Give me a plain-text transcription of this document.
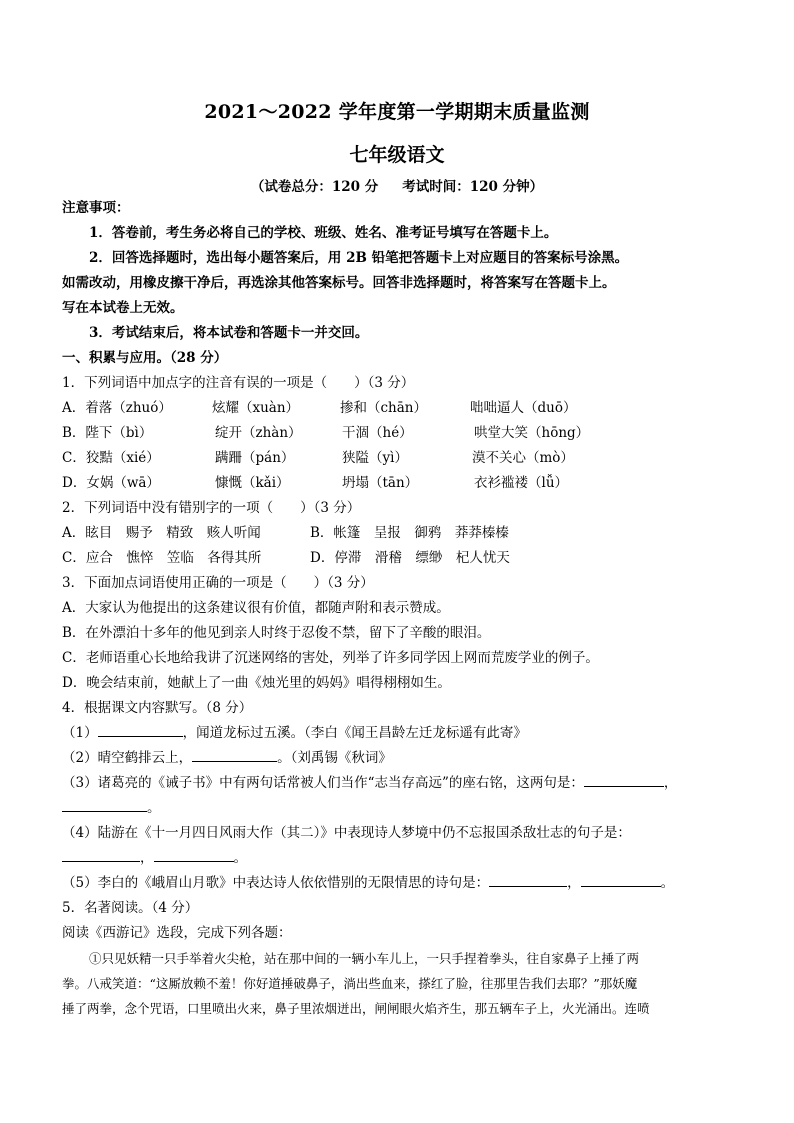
2021～2022 学年度第一学期期末质量监测
七年级语文
（试卷总分：120 分 考试时间：120 分钟）
注意事项：
1．答卷前，考生务必将自己的学校、班级、姓名、准考证号填写在答题卡上。
2．回答选择题时，选出每小题答案后，用 2B 铅笔把答题卡上对应题目的答案标号涂黑。
如需改动，用橡皮擦干净后，再选涂其他答案标号。回答非选择题时，将答案写在答题卡上。
写在本试卷上无效。
3．考试结束后，将本试卷和答题卡一并交回。
一、积累与应用。（28 分）
1．下列词语中加点字的注音有误的一项是（　　）（3 分）
A．着落（zhuó）	炫耀（xuàn）	掺和（chān）	咄咄逼人（duō）
B．陛下（bì）	绽开（zhàn）	干涸（hé）	哄堂大笑（hōng）
C．狡黠（xié）	蹒跚（pán）	狭隘（yì）	漠不关心（mò）
D．女娲（wā）	慷慨（kǎi）	坍塌（tān）	衣衫褴褛（lǚ）
2．下列词语中没有错别字的一项（　　）（3 分）
A．眩目　赐予　精致　赅人听闻	B．帐篷　呈报　御鸦　莽莽榛榛
C．应合　憔悴　笠临　各得其所	D．停滞　滑稽　缥缈　杞人忧天
3．下面加点词语使用正确的一项是（　　）（3 分）
A．大家认为他提出的这条建议很有价值，都随声附和表示赞成。
B．在外漂泊十多年的他见到亲人时终于忍俊不禁，留下了辛酸的眼泪。
C．老师语重心长地给我讲了沉迷网络的害处，列举了许多同学因上网而荒废学业的例子。
D．晚会结束前，她献上了一曲《烛光里的妈妈》唱得栩栩如生。
4．根据课文内容默写。（8 分）
（1）	，闻道龙标过五溪。（李白《闻王昌龄左迁龙标遥有此寄》
（2）晴空鹤排云上，	。（刘禹锡《秋词》
（3）诸葛亮的《诫子书》中有两句话常被人们当作“志当存高远”的座右铭，这两句是：	，
。
（4）陆游在《十一月四日风雨大作（其二）》中表现诗人梦境中仍不忘报国杀敌壮志的句子是：
，	。
（5）李白的《峨眉山月歌》中表达诗人依依惜别的无限情思的诗句是：	，	。
5．名著阅读。（4 分）
阅读《西游记》选段，完成下列各题：
①只见妖精一只手举着火尖枪，站在那中间的一辆小车儿上，一只手捏着拳头，往自家鼻子上捶了两
拳。八戒笑道：“这厮放赖不羞！你好道捶破鼻子，淌出些血来，搽红了脸，往那里告我们去耶？”那妖魔
捶了两拳，念个咒语，口里喷出火来，鼻子里浓烟迸出，闸闸眼火焰齐生，那五辆车子上，火光涌出。连喷
